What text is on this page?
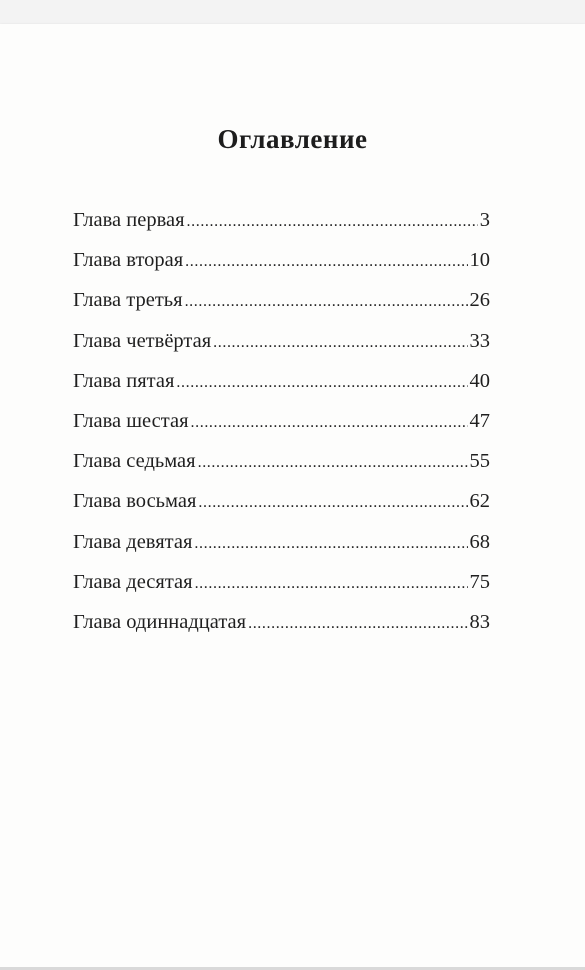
Оглавление
Глава первая .....	3
Глава вторая .....	10
Глава третья .....	26
Глава четвёртая .....	33
Глава пятая .....	40
Глава шестая .....	47
Глава седьмая .....	55
Глава восьмая .....	62
Глава девятая .....	68
Глава десятая .....	75
Глава одиннадцатая .....	83
